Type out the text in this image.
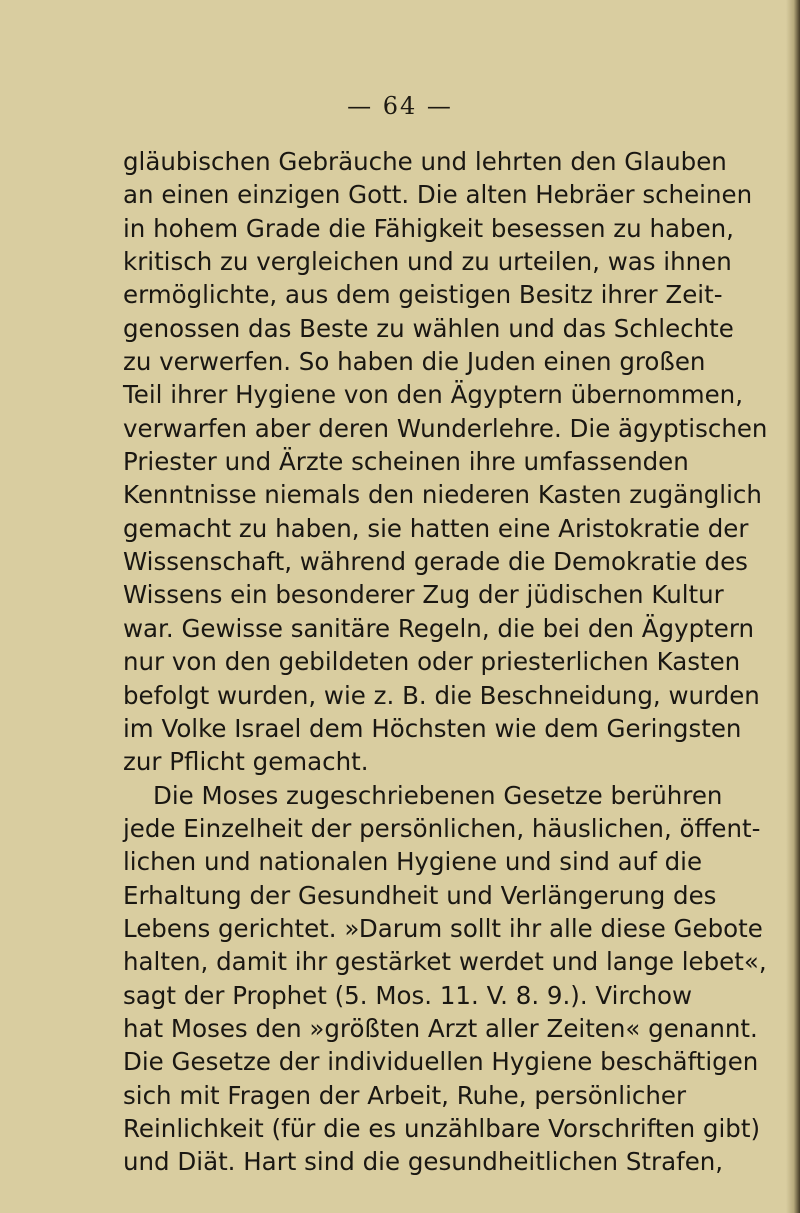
— 64 —
gläubischen Gebräuche und lehrten den Glauben
an einen einzigen Gott. Die alten Hebräer scheinen
in hohem Grade die Fähigkeit besessen zu haben,
kritisch zu vergleichen und zu urteilen, was ihnen
ermöglichte, aus dem geistigen Besitz ihrer Zeit-
genossen das Beste zu wählen und das Schlechte
zu verwerfen. So haben die Juden einen großen
Teil ihrer Hygiene von den Ägyptern übernommen,
verwarfen aber deren Wunderlehre. Die ägyptischen
Priester und Ärzte scheinen ihre umfassenden
Kenntnisse niemals den niederen Kasten zugänglich
gemacht zu haben, sie hatten eine Aristokratie der
Wissenschaft, während gerade die Demokratie des
Wissens ein besonderer Zug der jüdischen Kultur
war. Gewisse sanitäre Regeln, die bei den Ägyptern
nur von den gebildeten oder priesterlichen Kasten
befolgt wurden, wie z. B. die Beschneidung, wurden
im Volke Israel dem Höchsten wie dem Geringsten
zur Pflicht gemacht.
Die Moses zugeschriebenen Gesetze berühren
jede Einzelheit der persönlichen, häuslichen, öffent-
lichen und nationalen Hygiene und sind auf die
Erhaltung der Gesundheit und Verlängerung des
Lebens gerichtet. »Darum sollt ihr alle diese Gebote
halten, damit ihr gestärket werdet und lange lebet«,
sagt der Prophet (5. Mos. 11. V. 8. 9.). Virchow
hat Moses den »größten Arzt aller Zeiten« genannt.
Die Gesetze der individuellen Hygiene beschäftigen
sich mit Fragen der Arbeit, Ruhe, persönlicher
Reinlichkeit (für die es unzählbare Vorschriften gibt)
und Diät. Hart sind die gesundheitlichen Strafen,
